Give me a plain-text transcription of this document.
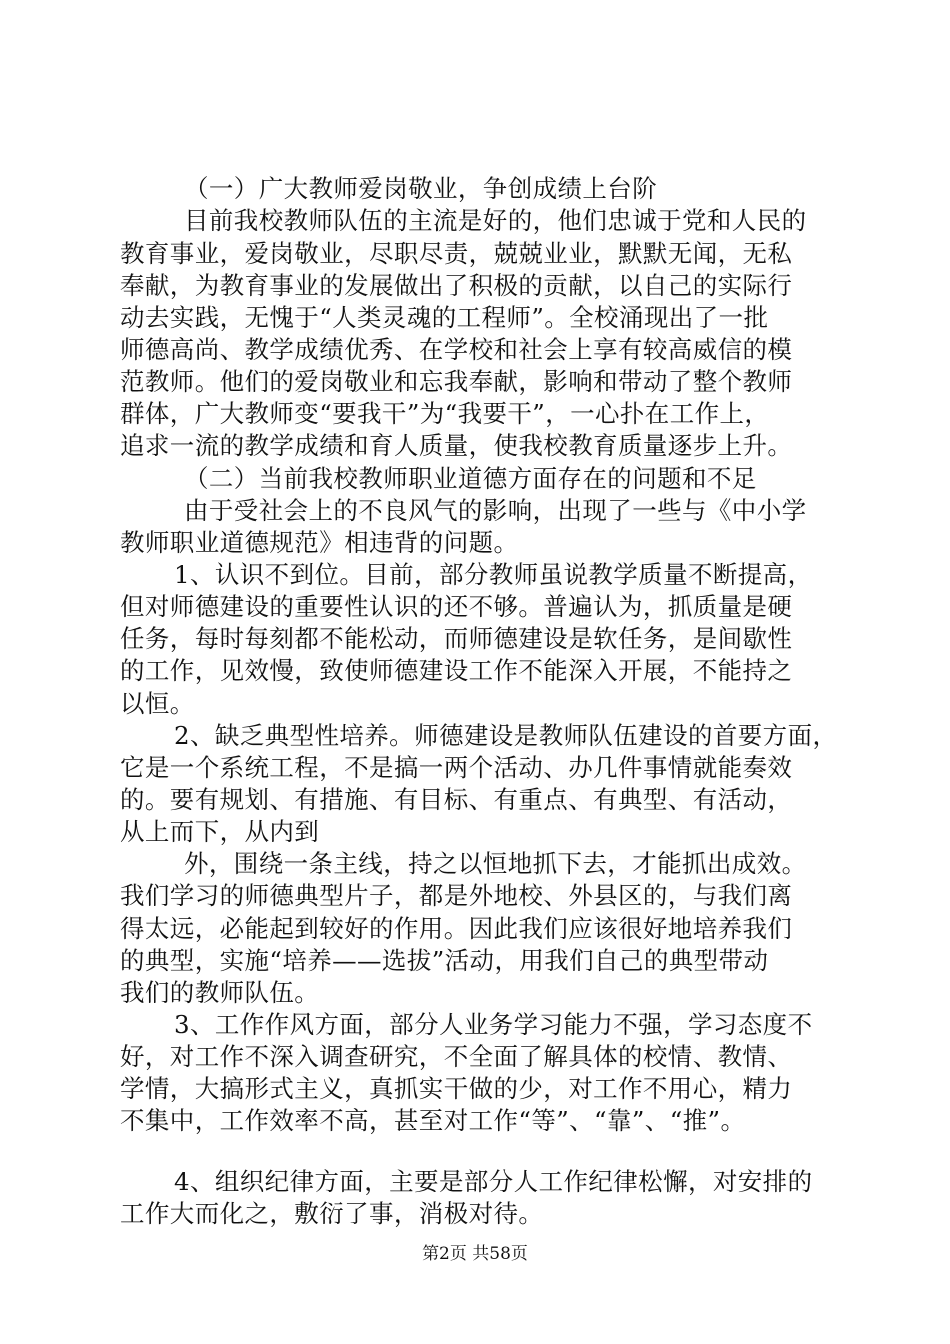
（一）广大教师爱岗敬业，争创成绩上台阶
目前我校教师队伍的主流是好的，他们忠诚于党和人民的
教育事业，爱岗敬业，尽职尽责，兢兢业业，默默无闻，无私
奉献，为教育事业的发展做出了积极的贡献，以自己的实际行
动去实践，无愧于“人类灵魂的工程师”。全校涌现出了一批
师德高尚、教学成绩优秀、在学校和社会上享有较高威信的模
范教师。他们的爱岗敬业和忘我奉献，影响和带动了整个教师
群体，广大教师变“要我干”为“我要干”，一心扑在工作上，
追求一流的教学成绩和育人质量，使我校教育质量逐步上升。
（二）当前我校教师职业道德方面存在的问题和不足
由于受社会上的不良风气的影响，出现了一些与《中小学
教师职业道德规范》相违背的问题。
1、认识不到位。目前，部分教师虽说教学质量不断提高，
但对师德建设的重要性认识的还不够。普遍认为，抓质量是硬
任务，每时每刻都不能松动，而师德建设是软任务，是间歇性
的工作，见效慢，致使师德建设工作不能深入开展，不能持之
以恒。
2、缺乏典型性培养。师德建设是教师队伍建设的首要方面，
它是一个系统工程，不是搞一两个活动、办几件事情就能奏效
的。要有规划、有措施、有目标、有重点、有典型、有活动，
从上而下，从内到
外，围绕一条主线，持之以恒地抓下去，才能抓出成效。
我们学习的师德典型片子，都是外地校、外县区的，与我们离
得太远，必能起到较好的作用。因此我们应该很好地培养我们
的典型，实施“培养——选拔”活动，用我们自己的典型带动
我们的教师队伍。
3、工作作风方面，部分人业务学习能力不强，学习态度不
好，对工作不深入调查研究，不全面了解具体的校情、教情、
学情，大搞形式主义，真抓实干做的少，对工作不用心，精力
不集中，工作效率不高，甚至对工作“等”、“靠”、“推”。
4、组织纪律方面，主要是部分人工作纪律松懈，对安排的
工作大而化之，敷衍了事，消极对待。
第2页 共58页
